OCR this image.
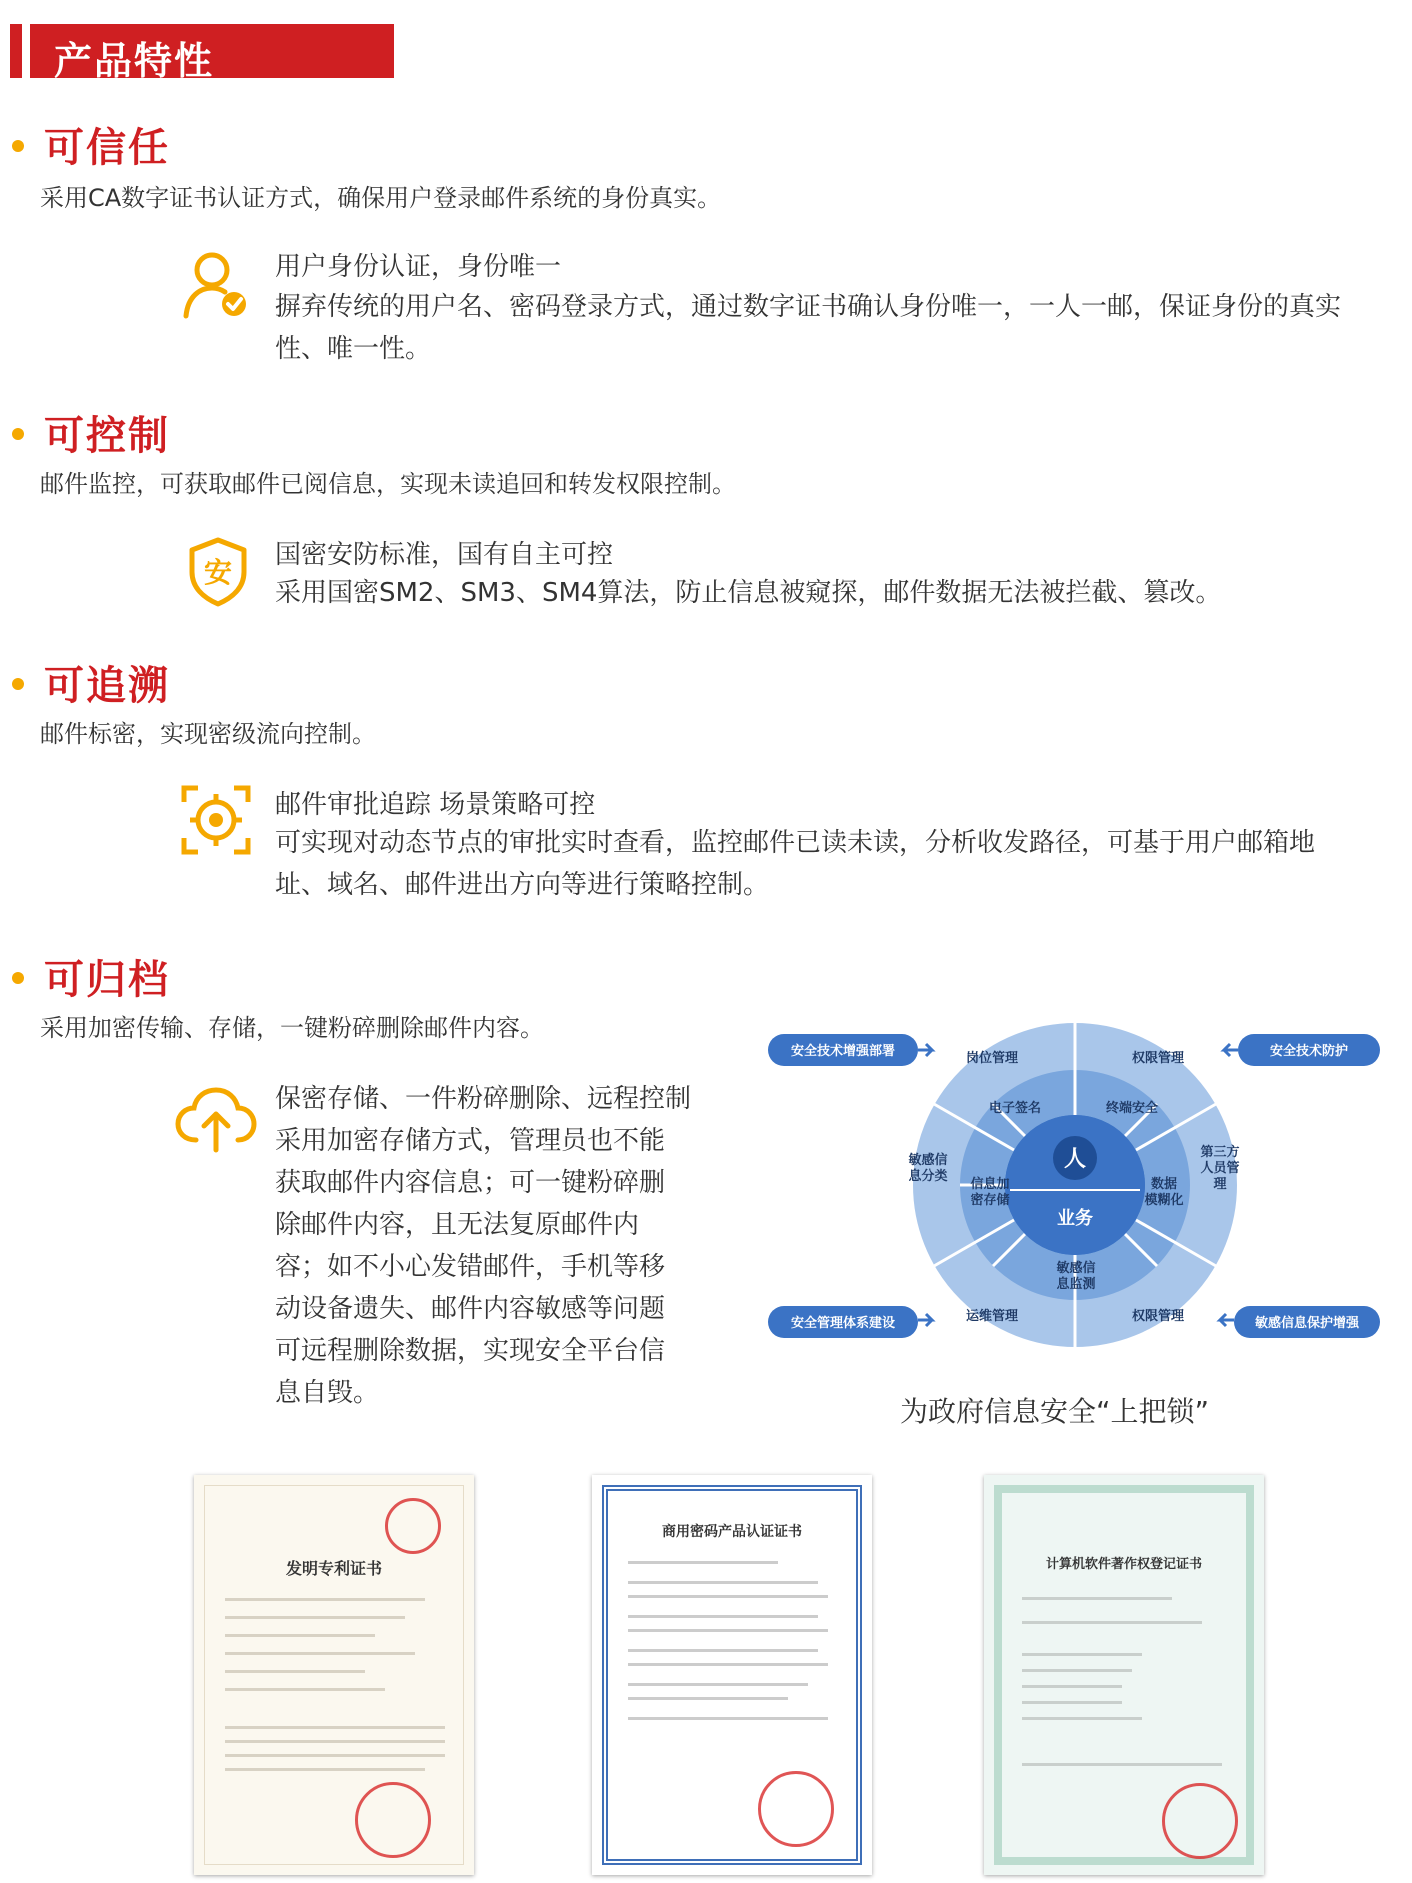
产品特性
可信任
采用CA数字证书认证方式，确保用户登录邮件系统的身份真实。
用户身份认证，身份唯一
摒弃传统的用户名、密码登录方式，通过数字证书确认身份唯一，一人一邮，保证身份的真实
性、唯一性。
可控制
邮件监控，可获取邮件已阅信息，实现未读追回和转发权限控制。
安
国密安防标准，国有自主可控
采用国密SM2、SM3、SM4算法，防止信息被窥探，邮件数据无法被拦截、篡改。
可追溯
邮件标密，实现密级流向控制。
邮件审批追踪 场景策略可控
可实现对动态节点的审批实时查看，监控邮件已读未读，分析收发路径，可基于用户邮箱地
址、域名、邮件进出方向等进行策略控制。
可归档
采用加密传输、存储，一键粉碎删除邮件内容。
保密存储、一件粉碎删除、远程控制
采用加密存储方式，管理员也不能
获取邮件内容信息；可一键粉碎删
除邮件内容，且无法复原邮件内
容；如不小心发错邮件，手机等移
动设备遗失、邮件内容敏感等问题
可远程删除数据，实现安全平台信
息自毁。
人
业务
电子签名	终端安全
数据模糊化
敏感信息监测
信息加密存储
岗位管理	权限管理
第三方人员管理
权限管理
运维管理
敏感信息分类
安全技术增强部署	安全技术防护
安全管理体系建设	敏感信息保护增强
为政府信息安全“上把锁”
发明专利证书
商用密码产品认证证书
计算机软件著作权登记证书
